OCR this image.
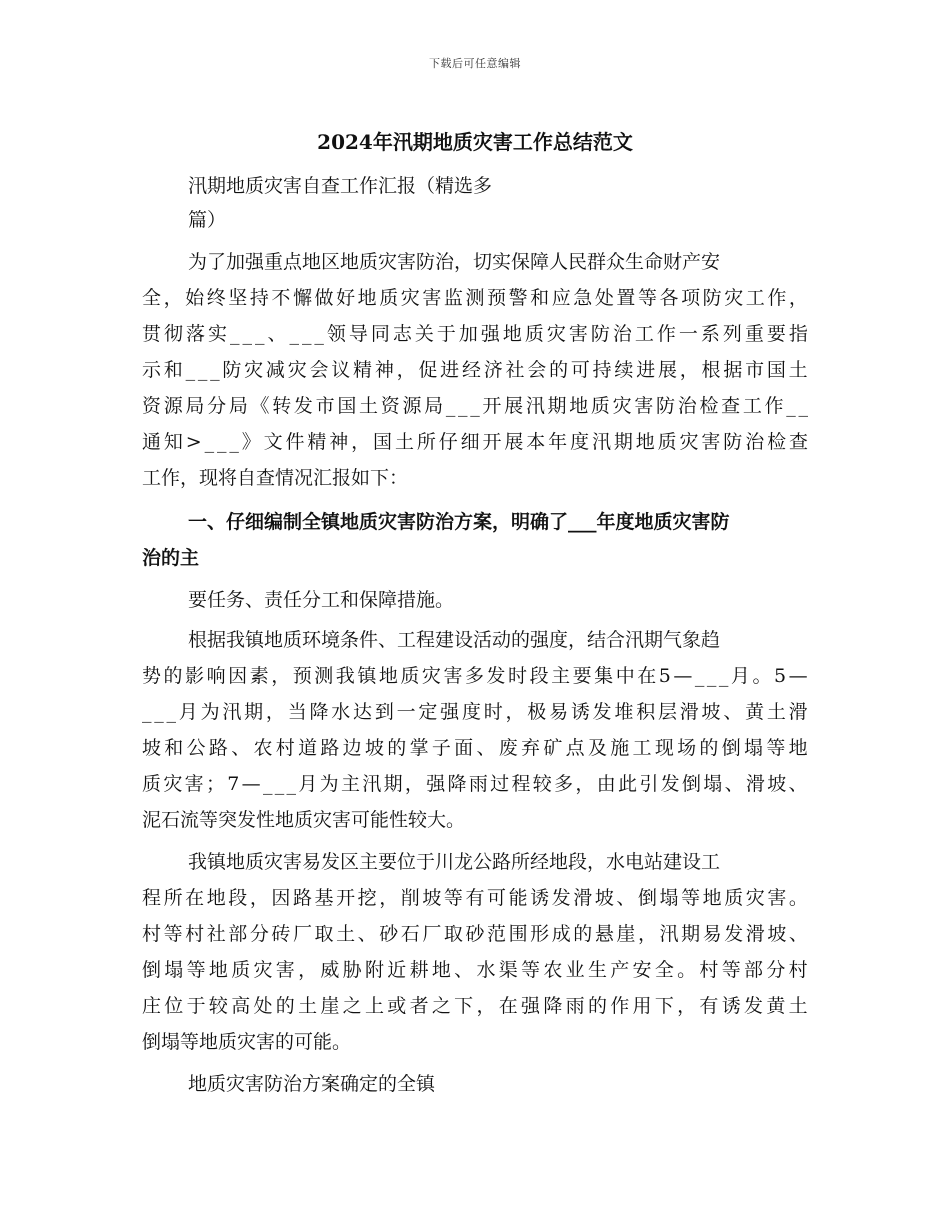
下载后可任意编辑
2024年汛期地质灾害工作总结范文
汛期地质灾害自查工作汇报（精选多
篇）
为了加强重点地区地质灾害防治，切实保障人民群众生命财产安
全 ， 始 终 坚 持 不 懈 做 好 地 质 灾 害 监 测 预 警 和 应 急 处 置 等 各 项 防 灾 工 作 ，
贯 彻 落 实 _ _ _ 、 _ _ _ 领 导 同 志 关 于 加 强 地 质 灾 害 防 治 工 作 一 系 列 重 要 指
示 和 _ _ _ 防 灾 减 灾 会 议 精 神 ， 促 进 经 济 社 会 的 可 持 续 进 展 ， 根 据 市 国 土
资 源 局 分 局 《 转 发 市 国 土 资 源 局 _ _ _ 开 展 汛 期 地 质 灾 害 防 治 检 查 工 作 _ _
通 知 > _ _ _ 》 文 件 精 神 ， 国 土 所 仔 细 开 展 本 年 度 汛 期 地 质 灾 害 防 治 检 查
工作，现将自查情况汇报如下：
一、仔细编制全镇地质灾害防治方案，明确了___年度地质灾害防
治的主
要任务、责任分工和保障措施。
根据我镇地质环境条件、工程建设活动的强度，结合汛期气象趋
势 的 影 响 因 素 ， 预 测 我 镇 地 质 灾 害 多 发 时 段 主 要 集 中 在 5 — _ _ _ 月 。 5 —
_ _ _ 月 为 汛 期 ， 当 降 水 达 到 一 定 强 度 时 ， 极 易 诱 发 堆 积 层 滑 坡 、 黄 土 滑
坡 和 公 路 、 农 村 道 路 边 坡 的 掌 子 面 、 废 弃 矿 点 及 施 工 现 场 的 倒 塌 等 地
质 灾 害 ； 7 — _ _ _ 月 为 主 汛 期 ， 强 降 雨 过 程 较 多 ， 由 此 引 发 倒 塌 、 滑 坡 、
泥石流等突发性地质灾害可能性较大。
我镇地质灾害易发区主要位于川龙公路所经地段，水电站建设工
程 所 在 地 段 ， 因 路 基 开 挖 ， 削 坡 等 有 可 能 诱 发 滑 坡 、 倒 塌 等 地 质 灾 害 。
村 等 村 社 部 分 砖 厂 取 土 、 砂 石 厂 取 砂 范 围 形 成 的 悬 崖 ， 汛 期 易 发 滑 坡 、
倒 塌 等 地 质 灾 害 ， 威 胁 附 近 耕 地 、 水 渠 等 农 业 生 产 安 全 。 村 等 部 分 村
庄 位 于 较 高 处 的 土 崖 之 上 或 者 之 下 ， 在 强 降 雨 的 作 用 下 ， 有 诱 发 黄 土
倒塌等地质灾害的可能。
地质灾害防治方案确定的全镇
